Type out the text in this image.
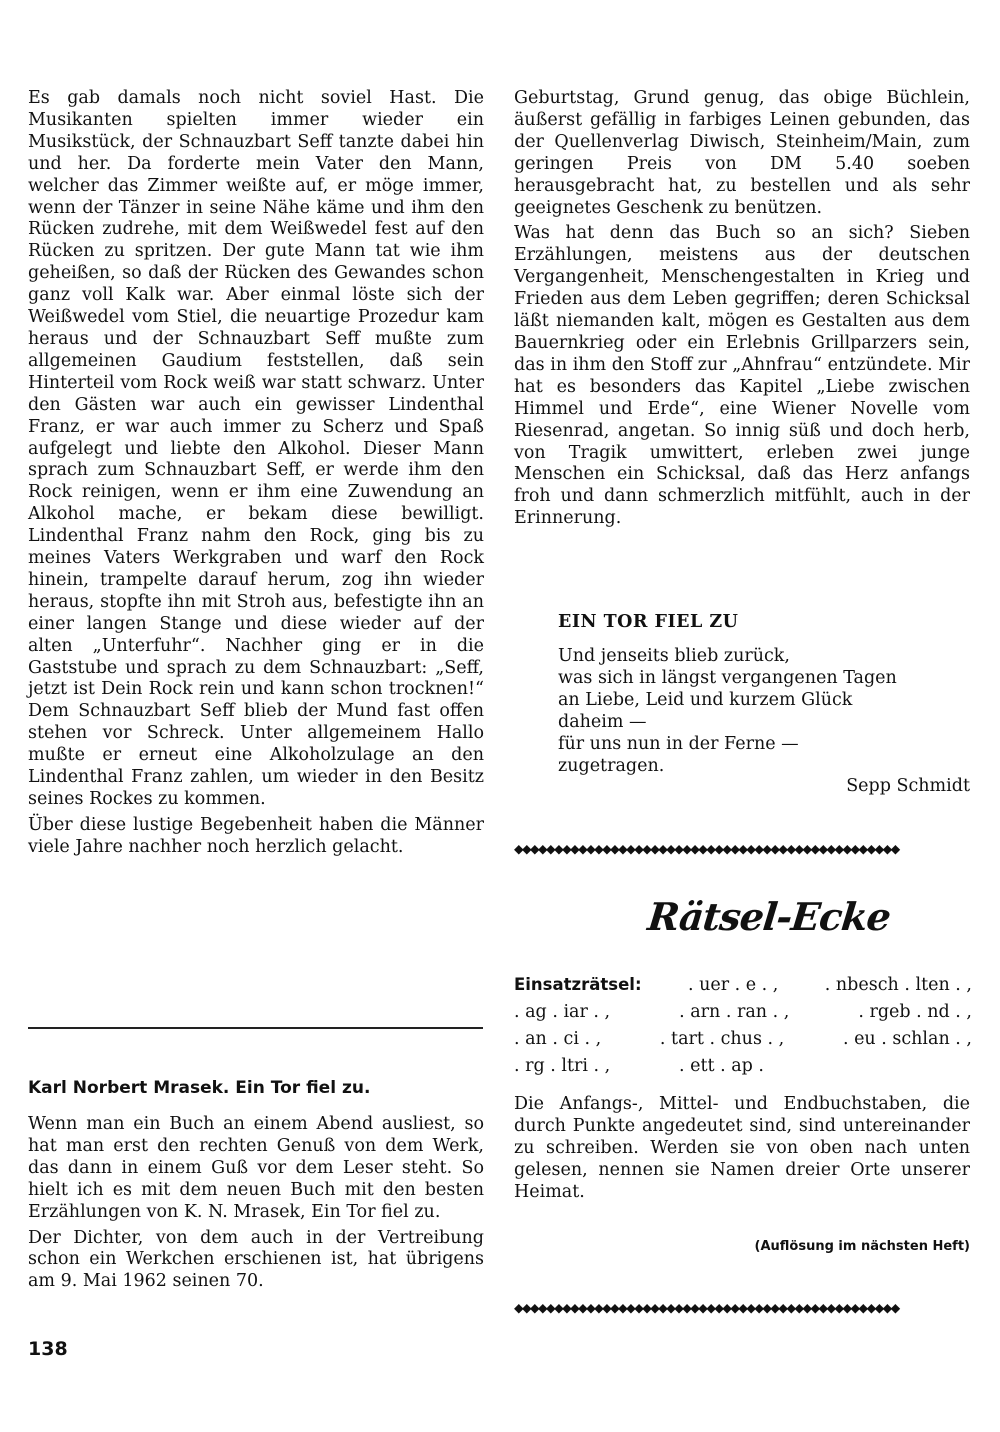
Es gab damals noch nicht soviel Hast. Die Musikanten spielten immer wieder ein Musikstück, der Schnauzbart Seff tanzte dabei hin und her. Da forderte mein Vater den Mann, welcher das Zimmer weißte auf, er möge immer, wenn der Tänzer in seine Nähe käme und ihm den Rücken zudrehe, mit dem Weißwedel fest auf den Rücken zu spritzen. Der gute Mann tat wie ihm geheißen, so daß der Rücken des Gewandes schon ganz voll Kalk war. Aber einmal löste sich der Weißwedel vom Stiel, die neuartige Prozedur kam heraus und der Schnauzbart Seff mußte zum allgemeinen Gaudium feststellen, daß sein Hinterteil vom Rock weiß war statt schwarz. Unter den Gästen war auch ein gewisser Lindenthal Franz, er war auch immer zu Scherz und Spaß aufgelegt und liebte den Alkohol. Dieser Mann sprach zum Schnauzbart Seff, er werde ihm den Rock reinigen, wenn er ihm eine Zuwendung an Alkohol mache, er bekam diese bewilligt. Lindenthal Franz nahm den Rock, ging bis zu meines Vaters Werkgraben und warf den Rock hinein, trampelte darauf herum, zog ihn wieder heraus, stopfte ihn mit Stroh aus, befestigte ihn an einer langen Stange und diese wieder auf der alten „Unterfuhr“. Nachher ging er in die Gaststube und sprach zu dem Schnauzbart: „Seff, jetzt ist Dein Rock rein und kann schon trocknen!“ Dem Schnauzbart Seff blieb der Mund fast offen stehen vor Schreck. Unter allgemeinem Hallo mußte er erneut eine Alkoholzulage an den Lindenthal Franz zahlen, um wieder in den Besitz seines Rockes zu kommen.

Über diese lustige Begebenheit haben die Männer viele Jahre nachher noch herzlich gelacht.

Karl Norbert Mrasek. Ein Tor fiel zu.

Wenn man ein Buch an einem Abend ausliest, so hat man erst den rechten Genuß von dem Werk, das dann in einem Guß vor dem Leser steht. So hielt ich es mit dem neuen Buch mit den besten Erzählungen von K. N. Mrasek, Ein Tor fiel zu.

Der Dichter, von dem auch in der Vertreibung schon ein Werkchen erschienen ist, hat übrigens am 9. Mai 1962 seinen 70.

138

Geburtstag, Grund genug, das obige Büchlein, äußerst gefällig in farbiges Leinen gebunden, das der Quellenverlag Diwisch, Steinheim/Main, zum geringen Preis von DM 5.40 soeben herausgebracht hat, zu bestellen und als sehr geeignetes Geschenk zu benützen.

Was hat denn das Buch so an sich? Sieben Erzählungen, meistens aus der deutschen Vergangenheit, Menschengestalten in Krieg und Frieden aus dem Leben gegriffen; deren Schicksal läßt niemanden kalt, mögen es Gestalten aus dem Bauernkrieg oder ein Erlebnis Grillparzers sein, das in ihm den Stoff zur „Ahnfrau“ entzündete. Mir hat es besonders das Kapitel „Liebe zwischen Himmel und Erde“, eine Wiener Novelle vom Riesenrad, angetan. So innig süß und doch herb, von Tragik umwittert, erleben zwei junge Menschen ein Schicksal, daß das Herz anfangs froh und dann schmerzlich mitfühlt, auch in der Erinnerung.

EIN TOR FIEL ZU
Und jenseits blieb zurück,
was sich in längst vergangenen Tagen
an Liebe, Leid und kurzem Glück
daheim —
für uns nun in der Ferne —
zugetragen.
Sepp Schmidt
◆◆◆◆◆◆◆◆◆◆◆◆◆◆◆◆◆◆◆◆◆◆◆◆◆◆◆◆◆◆◆◆◆◆◆◆◆◆◆◆◆◆◆◆◆◆◆◆
Rätsel-Ecke
Einsatzrätsel:	. uer . e . ,	. nbesch . lten . ,
. ag . iar . ,	. arn . ran . ,	. rgeb . nd . ,
. an . ci . ,	. tart . chus . ,	. eu . schlan . ,
. rg . ltri . ,	. ett . ap .
Die Anfangs-, Mittel- und Endbuchstaben, die durch Punkte angedeutet sind, sind untereinander zu schreiben. Werden sie von oben nach unten gelesen, nennen sie Namen dreier Orte unserer Heimat.
(Auflösung im nächsten Heft)
◆◆◆◆◆◆◆◆◆◆◆◆◆◆◆◆◆◆◆◆◆◆◆◆◆◆◆◆◆◆◆◆◆◆◆◆◆◆◆◆◆◆◆◆◆◆◆◆
